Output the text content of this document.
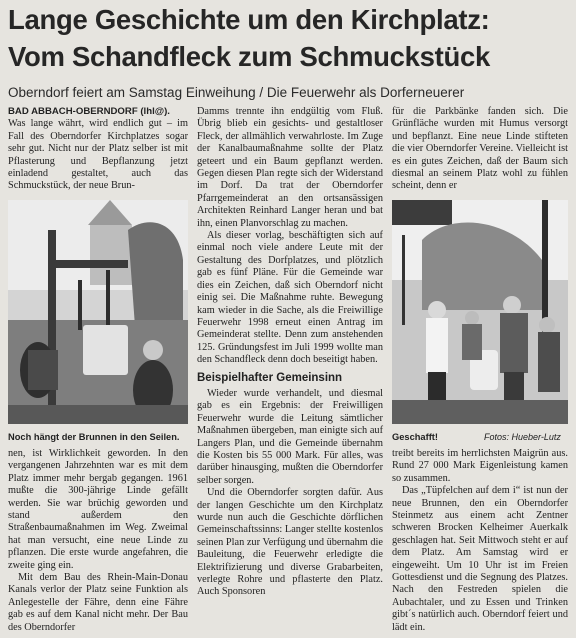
Lange Geschichte um den Kirchplatz:
Vom Schandfleck zum Schmuckstück
Oberndorf feiert am Samstag Einweihung / Die Feuerwehr als Dorferneuerer

BAD ABBACH-OBERNDORF (lhl@).
Was lange währt, wird endlich gut – im Fall des Oberndorfer Kirchplatzes sogar sehr gut. Nicht nur der Platz selber ist mit Pflasterung und Bepflanzung jetzt einladend gestaltet, auch das Schmuckstück, der neue Brun-

Damms trennte ihn endgültig vom Fluß. Übrig blieb ein gesichts- und gestaltloser Fleck, der allmählich verwahrloste. Im Zuge der Kanalbaumaßnahme sollte der Platz geteert und ein Baum gepflanzt werden. Gegen diesen Plan regte sich der Widerstand im Dorf. Da trat der Oberndorfer Pfarrgemeinderat an den ortsansässigen Architekten Reinhard Langer heran und bat ihn, einen Planvorschlag zu machen.

Als dieser vorlag, beschäftigten sich auf einmal noch viele andere Leute mit der Gestaltung des Dorfplatzes, und plötzlich gab es fünf Pläne. Für die Gemeinde war dies ein Zeichen, daß sich Oberndorf nicht einig sei. Die Maßnahme ruhte. Bewegung kam wieder in die Sache, als die Freiwillige Feuerwehr 1998 erneut einen Antrag im Gemeinderat stellte. Denn zum anstehenden 125. Gründungsfest im Juli 1999 wollte man den Schandfleck denn doch beseitigt haben.

Beispielhafter Gemeinsinn

Wieder wurde verhandelt, und diesmal gab es ein Ergebnis: der Freiwilligen Feuerwehr wurde die Leitung sämtlicher Maßnahmen übergeben, man einigte sich auf Langers Plan, und die Gemeinde übernahm die Kosten bis 55 000 Mark. Für alles, was darüber hinausging, mußten die Oberndorfer selber sorgen.

Und die Oberndorfer sorgten dafür. Aus der langen Geschichte um den Kirchplatz wurde nun auch die Geschichte dörflichen Gemeinschaftssinns: Langer stellte kostenlos seinen Plan zur Verfügung und übernahm die Bauleitung, die Feuerwehr erledigte die Elektrifizierung und diverse Grabarbeiten, verlegte Rohre und pflasterte den Platz. Auch Sponsoren

für die Parkbänke fanden sich. Die Grünfläche wurden mit Humus versorgt und bepflanzt. Eine neue Linde stifteten die vier Oberndorfer Vereine. Vielleicht ist es ein gutes Zeichen, daß der Baum sich diesmal an seinem Platz wohl zu fühlen scheint, denn er

Noch hängt der Brunnen in den Seilen.	Geschafft!	Fotos: Hueber-Lutz

nen, ist Wirklichkeit geworden. In den vergangenen Jahrzehnten war es mit dem Platz immer mehr bergab gegangen. 1961 mußte die 300-jährige Linde gefällt werden. Sie war brüchig geworden und stand außerdem den Straßenbaumaßnahmen im Weg. Zweimal hat man versucht, eine neue Linde zu pflanzen. Die erste wurde angefahren, die zweite ging ein.

Mit dem Bau des Rhein-Main-Donau Kanals verlor der Platz seine Funktion als Anlegestelle der Fähre, denn eine Fähre gab es auf dem Kanal nicht mehr. Der Bau des Oberndorfer

treibt bereits im herrlichsten Maigrün aus. Rund 27 000 Mark Eigenleistung kamen so zusammen.

Das „Tüpfelchen auf dem i“ ist nun der neue Brunnen, den ein Oberndorfer Steinmetz aus einem acht Zentner schweren Brocken Kelheimer Auerkalk geschlagen hat. Seit Mittwoch steht er auf dem Platz. Am Samstag wird er eingeweiht. Um 10 Uhr ist im Freien Gottesdienst und die Segnung des Platzes. Nach den Festreden spielen die Aubachtaler, und zu Essen und Trinken gibt´s natürlich auch. Oberndorf feiert und lädt ein.
